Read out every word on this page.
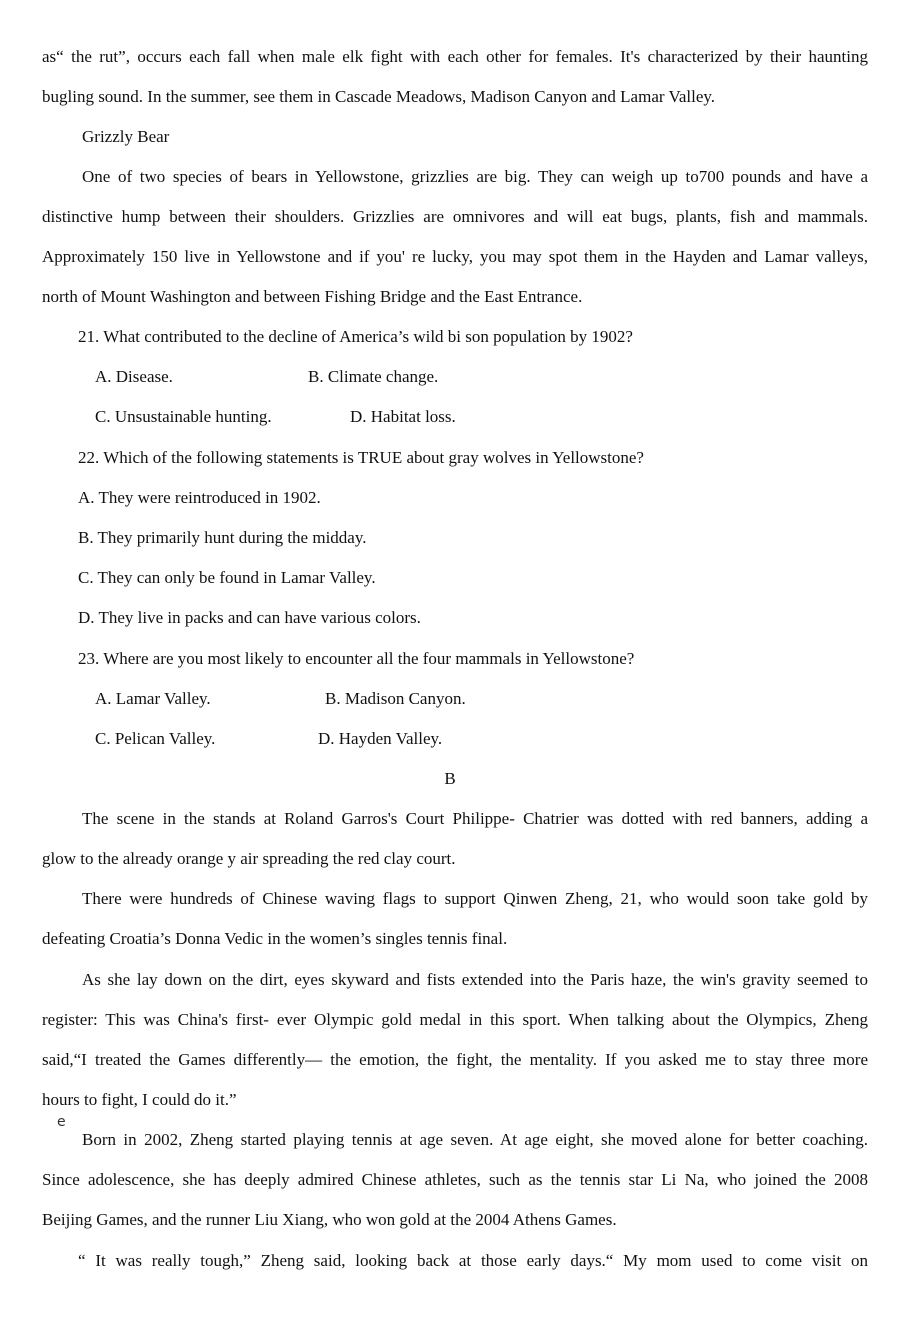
as“ the rut”, occurs each fall when male elk fight with each other for females. It's characterized by their haunting
bugling sound. In the summer, see them in Cascade Meadows, Madison Canyon and Lamar Valley.
Grizzly Bear
One of two species of bears in Yellowstone, grizzlies are big. They can weigh up to700 pounds and have a
distinctive hump between their shoulders. Grizzlies are omnivores and will eat bugs, plants, fish and mammals.
Approximately 150 live in Yellowstone and if you' re lucky, you may spot them in the Hayden and Lamar valleys,
north of Mount Washington and between Fishing Bridge and the East Entrance.
21. What contributed to the decline of America’s wild bi son population by 1902?
A. Disease.	B. Climate change.
C. Unsustainable hunting.	D. Habitat loss.
22. Which of the following statements is TRUE about gray wolves in Yellowstone?
A. They were reintroduced in 1902.
B. They primarily hunt during the midday.
C. They can only be found in Lamar Valley.
D. They live in packs and can have various colors.
23. Where are you most likely to encounter all the four mammals in Yellowstone?
A. Lamar Valley.	B. Madison Canyon.
C. Pelican Valley.	D. Hayden Valley.
B
The scene in the stands at Roland Garros's Court Philippe- Chatrier was dotted with red banners, adding a
glow to the already orange y air spreading the red clay court.
There were hundreds of Chinese waving flags to support Qinwen Zheng, 21, who would soon take gold by
defeating Croatia’s Donna Vedic in the women’s singles tennis final.
As she lay down on the dirt, eyes skyward and fists extended into the Paris haze, the win's gravity seemed to
register: This was China's first- ever Olympic gold medal in this sport. When talking about the Olympics, Zheng
said,“I treated the Games differently— the emotion, the fight, the mentality. If you asked me to stay three more
hours to fight, I could do it.”
e
Born in 2002, Zheng started playing tennis at age seven. At age eight, she moved alone for better coaching.
Since adolescence, she has deeply admired Chinese athletes, such as the tennis star Li Na, who joined the 2008
Beijing Games, and the runner Liu Xiang, who won gold at the 2004 Athens Games.
“ It was really tough,” Zheng said, looking back at those early days.“ My mom used to come visit on
